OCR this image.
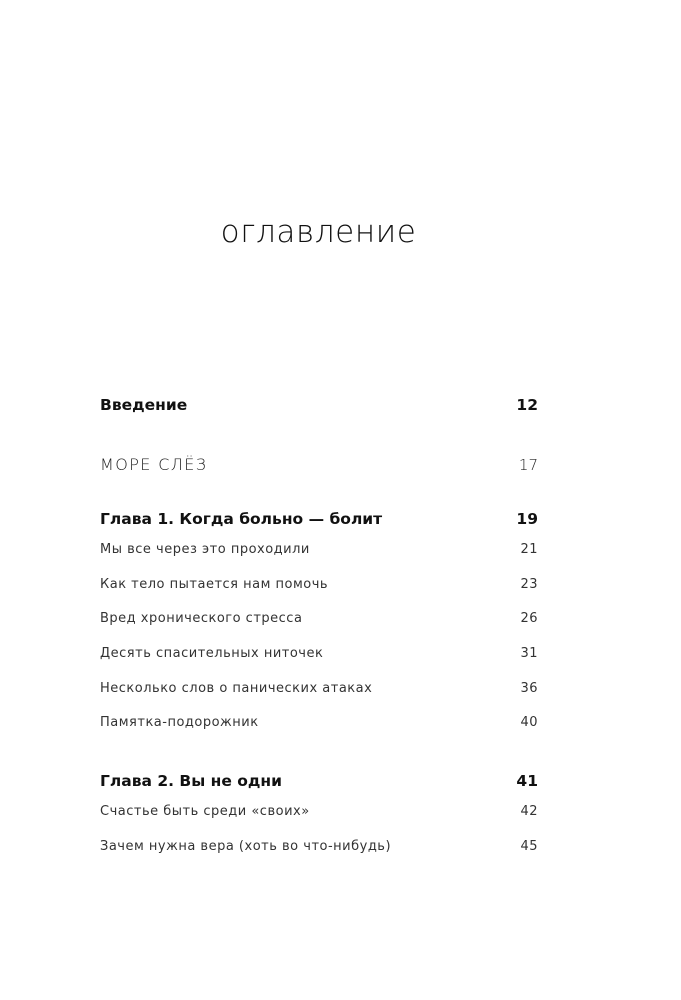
оглавление
Введение	12
МОРЕ СЛЁЗ	17
Глава 1. Когда больно — болит	19
Мы все через это проходили	21
Как тело пытается нам помочь	23
Вред хронического стресса	26
Десять спасительных ниточек	31
Несколько слов о панических атаках	36
Памятка-подорожник	40
Глава 2. Вы не одни	41
Счастье быть среди «своих»	42
Зачем нужна вера (хоть во что-нибудь)	45
